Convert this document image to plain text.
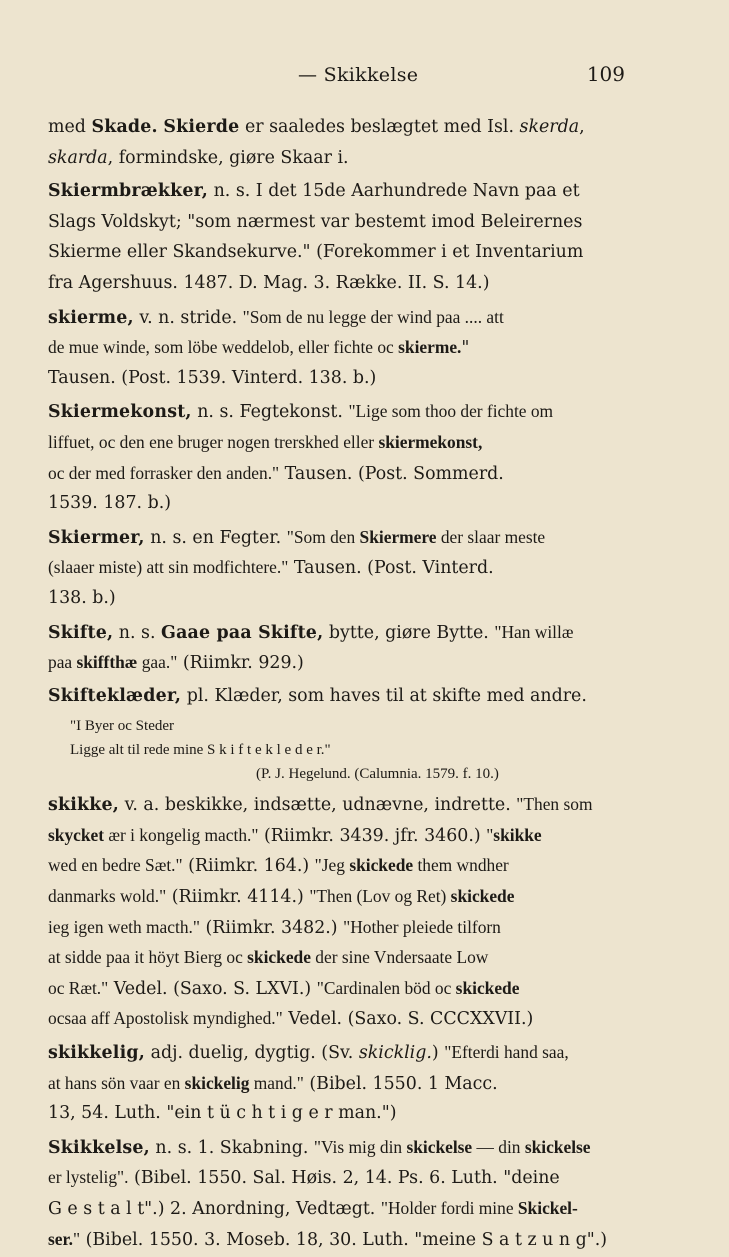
— Skikkelse	109
med Skade. Skierde er saaledes beslægtet med Isl. skerda,
skarda, formindske, giøre Skaar i.
Skiermbrækker, n. s. I det 15de Aarhundrede Navn paa et
Slags Voldskyt; "som nærmest var bestemt imod Beleirernes
Skierme eller Skandsekurve." (Forekommer i et Inventarium
fra Agershuus. 1487. D. Mag. 3. Række. II. S. 14.)
skierme, v. n. stride. "Som de nu legge der wind paa .... att
de mue winde, som löbe weddelob, eller fichte oc skierme."
Tausen. (Post. 1539. Vinterd. 138. b.)
Skiermekonst, n. s. Fegtekonst. "Lige som thoo der fichte om
liffuet, oc den ene bruger nogen trerskhed eller skiermekonst,
oc der med forrasker den anden." Tausen. (Post. Sommerd.
1539. 187. b.)
Skiermer, n. s. en Fegter. "Som den Skiermere der slaar meste
(slaaer miste) att sin modfichtere." Tausen. (Post. Vinterd.
138. b.)
Skifte, n. s. Gaae paa Skifte, bytte, giøre Bytte. "Han willæ
paa skiffthæ gaa." (Riimkr. 929.)
Skifteklæder, pl. Klæder, som haves til at skifte med andre.
"I Byer oc Steder
Ligge alt til rede mine S k i f t e k l e d e r."
(P. J. Hegelund. (Calumnia. 1579. f. 10.)
skikke, v. a. beskikke, indsætte, udnævne, indrette. "Then som
skycket ær i kongelig macth." (Riimkr. 3439. jfr. 3460.) "skikke
wed en bedre Sæt." (Riimkr. 164.) "Jeg skickede them wndher
danmarks wold." (Riimkr. 4114.) "Then (Lov og Ret) skickede
ieg igen weth macth." (Riimkr. 3482.) "Hother pleiede tilforn
at sidde paa it höyt Bierg oc skickede der sine Vndersaate Low
oc Ræt." Vedel. (Saxo. S. LXVI.) "Cardinalen böd oc skickede
ocsaa aff Apostolisk myndighed." Vedel. (Saxo. S. CCCXXVII.)
skikkelig, adj. duelig, dygtig. (Sv. skicklig.) "Efterdi hand saa,
at hans sön vaar en skickelig mand." (Bibel. 1550. 1 Macc.
13, 54. Luth. "ein t ü c h t i g e r man.")
Skikkelse, n. s. 1. Skabning. "Vis mig din skickelse — din skickelse
er lystelig". (Bibel. 1550. Sal. Høis. 2, 14. Ps. 6. Luth. "deine
G e s t a l t".) 2. Anordning, Vedtægt. "Holder fordi mine Skickel-
ser." (Bibel. 1550. 3. Moseb. 18, 30. Luth. "meine S a t z u n g".)
